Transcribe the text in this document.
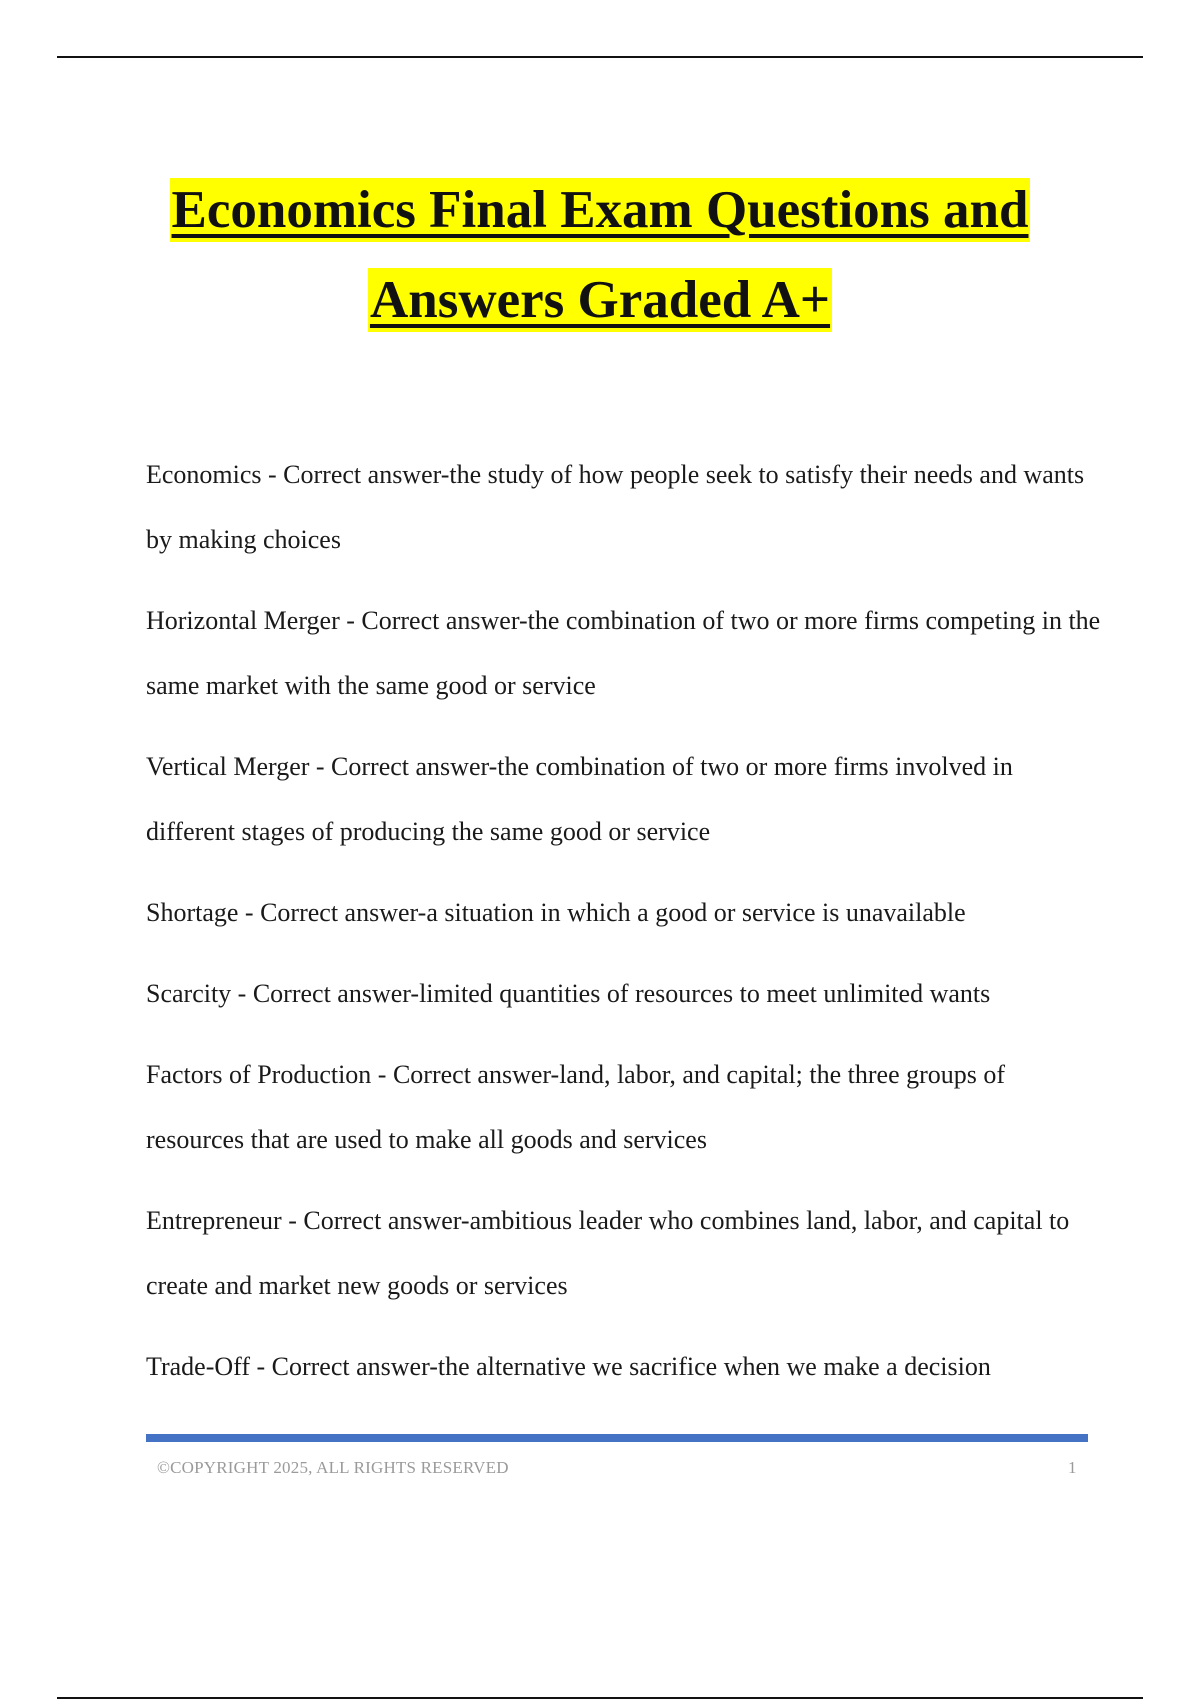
Economics Final Exam Questions and
Answers Graded A+

Economics - Correct answer-the study of how people seek to satisfy their needs and wants by making choices

Horizontal Merger - Correct answer-the combination of two or more firms competing in the same market with the same good or service

Vertical Merger - Correct answer-the combination of two or more firms involved in different stages of producing the same good or service

Shortage - Correct answer-a situation in which a good or service is unavailable

Scarcity - Correct answer-limited quantities of resources to meet unlimited wants

Factors of Production - Correct answer-land, labor, and capital; the three groups of resources that are used to make all goods and services

Entrepreneur - Correct answer-ambitious leader who combines land, labor, and capital to create and market new goods or services

Trade-Off - Correct answer-the alternative we sacrifice when we make a decision

©COPYRIGHT 2025, ALL RIGHTS RESERVED	1
